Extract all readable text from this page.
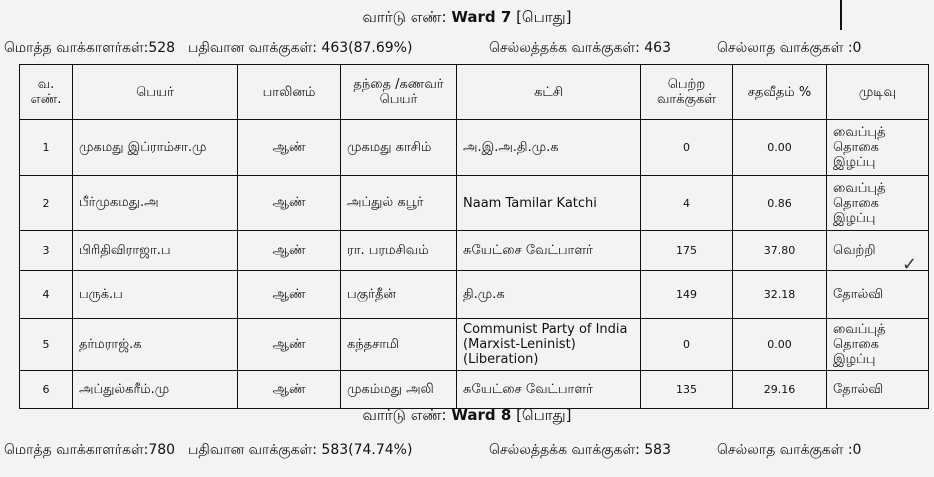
வார்டு எண்: Ward 7 [பொது]
மொத்த வாக்காளர்கள்:528 பதிவான வாக்குகள்: 463(87.69%)	செல்லத்தக்க வாக்குகள்: 463	செல்லாத வாக்குகள் :0
வ. எண்.	பெயர்	பாலினம்	தந்தை /கணவர் பெயர்	கட்சி	பெற்ற வாக்குகள்	சதவீதம் %	முடிவு
1	முகமது இப்ராம்சா.மு	ஆண்	முகமது காசிம்	அ.இ.அ.தி.மு.க	0	0.00	வைப்புத் தொகை இழப்பு
2	பீர்முகமது.அ	ஆண்	அப்துல் கபூர்	Naam Tamilar Katchi	4	0.86	வைப்புத் தொகை இழப்பு
3	பிரிதிவிராஜா.ப	ஆண்	ரா. பரமசிவம்	சுயேட்சை வேட்பாளர்	175	37.80	வெற்றி
4	பருக்.ப	ஆண்	பகுர்தீன்	தி.மு.க	149	32.18	தோல்வி
5	தர்மராஜ்.க	ஆண்	கந்தசாமி	Communist Party of India (Marxist-Leninist) (Liberation)	0	0.00	வைப்புத் தொகை இழப்பு
6	அப்துல்கரீம்.மு	ஆண்	முகம்மது அலி	சுயேட்சை வேட்பாளர்	135	29.16	தோல்வி
✓
வார்டு எண்: Ward 8 [பொது]
மொத்த வாக்காளர்கள்:780 பதிவான வாக்குகள்: 583(74.74%)	செல்லத்தக்க வாக்குகள்: 583	செல்லாத வாக்குகள் :0
